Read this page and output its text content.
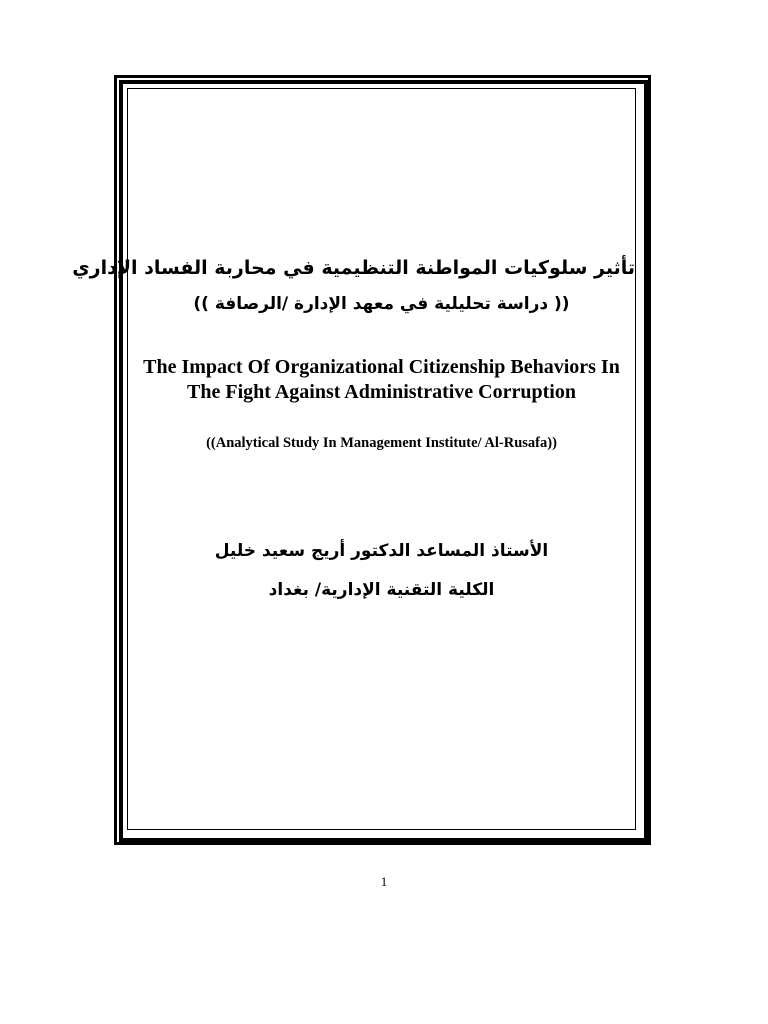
تأثير سلوكيات المواطنة التنظيمية في محاربة الفساد الإداري
(( دراسة تحليلية في معهد الإدارة /الرصافة ))
The Impact Of Organizational Citizenship Behaviors In The Fight Against Administrative Corruption
((Analytical Study In Management Institute/ Al-Rusafa))
الأستاذ المساعد الدكتور أريج سعيد خليل
الكلية التقنية الإدارية/ بغداد
1
